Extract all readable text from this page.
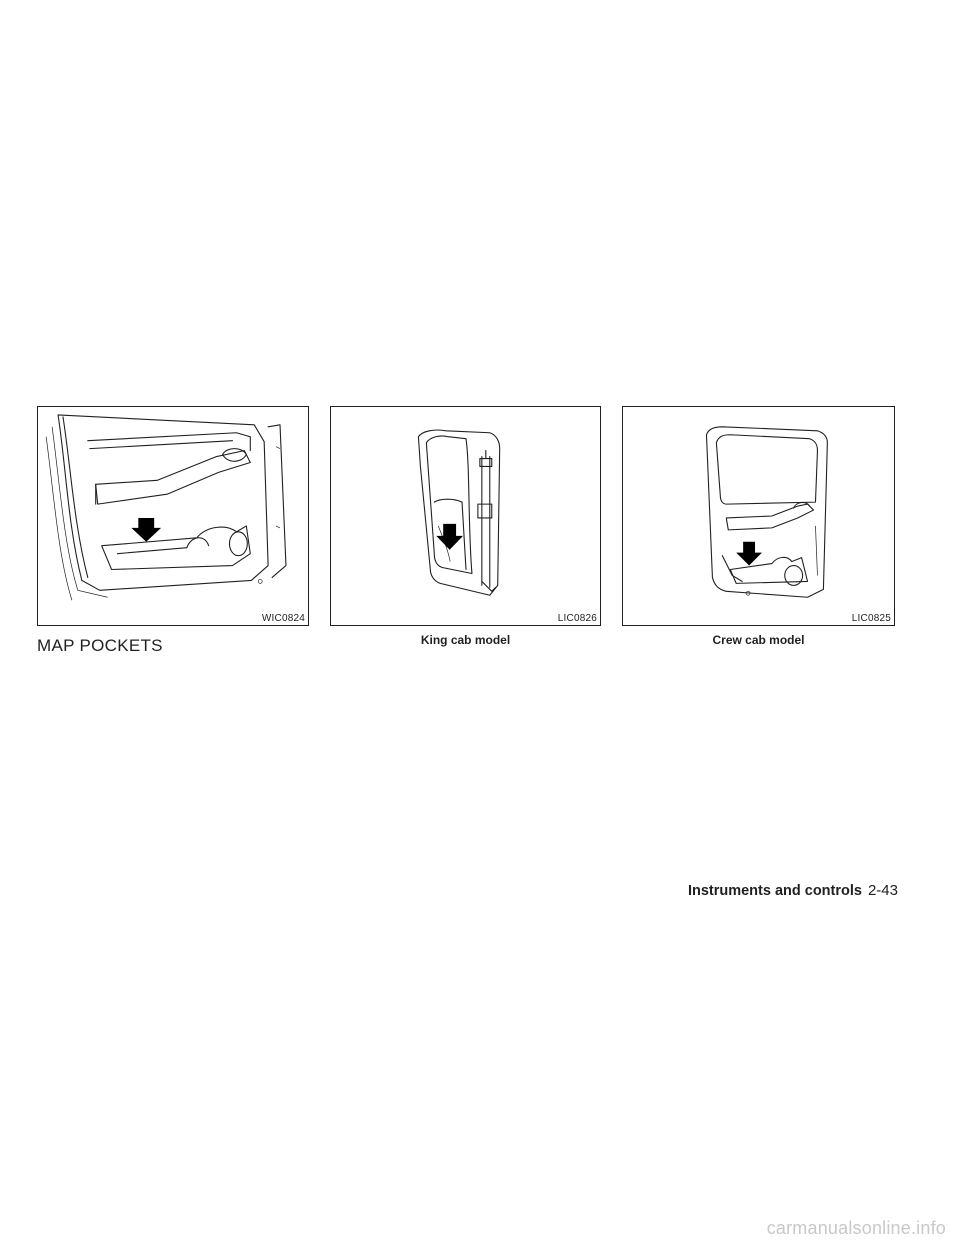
WIC0824	LIC0826	LIC0825
MAP POCKETS	King cab model	Crew cab model
Instruments and controls 2-43
carmanualsonline.info
